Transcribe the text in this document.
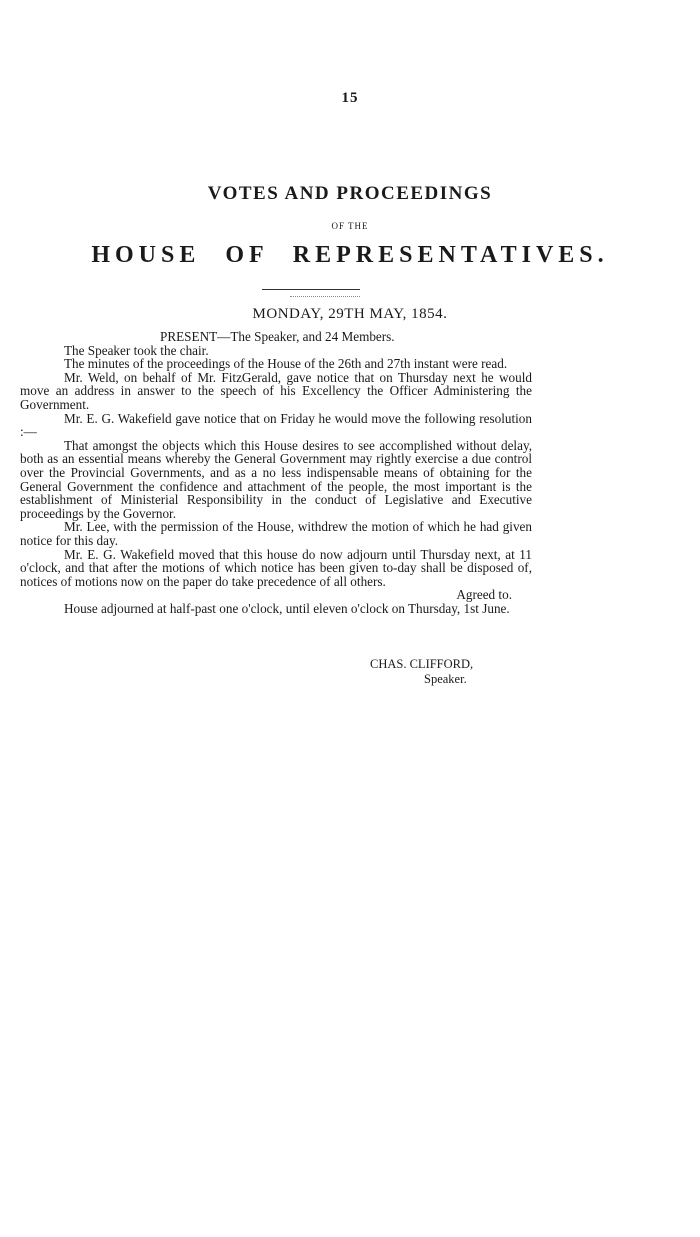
15
VOTES AND PROCEEDINGS
OF THE
HOUSE OF REPRESENTATIVES.
MONDAY, 29TH MAY, 1854.

PRESENT—The Speaker, and 24 Members.

The Speaker took the chair.

The minutes of the proceedings of the House of the 26th and 27th instant were read.

Mr. Weld, on behalf of Mr. FitzGerald, gave notice that on Thursday next he would move an address in answer to the speech of his Excellency the Officer Administering the Government.

Mr. E. G. Wakefield gave notice that on Friday he would move the following resolution :—

That amongst the objects which this House desires to see accomplished without delay, both as an essential means whereby the General Government may rightly exercise a due control over the Provincial Governments, and as a no less indispensable means of obtaining for the General Government the confidence and attachment of the people, the most important is the establishment of Ministerial Responsibility in the conduct of Legislative and Executive proceedings by the Governor.

Mr. Lee, with the permission of the House, withdrew the motion of which he had given notice for this day.

Mr. E. G. Wakefield moved that this house do now adjourn until Thursday next, at 11 o'clock, and that after the motions of which notice has been given to-day shall be disposed of, notices of motions now on the paper do take precedence of all others.

Agreed to.

House adjourned at half-past one o'clock, until eleven o'clock on Thursday, 1st June.

CHAS. CLIFFORD,
Speaker.
